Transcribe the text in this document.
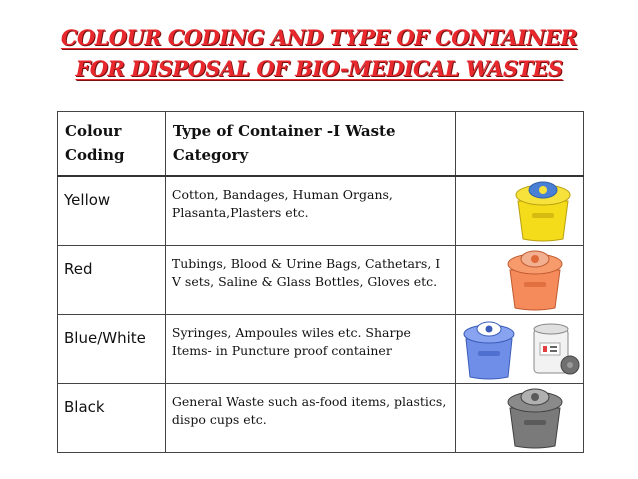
COLOUR CODING AND TYPE OF CONTAINER
FOR DISPOSAL OF BIO-MEDICAL WASTES
Colour Coding	Type of Container -I Waste Category	

Yellow	Cotton, Bandages, Human Organs, Plasanta,Plasters etc.

Red	Tubings, Blood & Urine Bags, Cathetars, I V sets, Saline & Glass Bottles, Gloves etc.

Blue/White	Syringes, Ampoules wiles etc. Sharpe Items- in Puncture proof container

Black	General Waste such as-food items, plastics, dispo cups etc.
